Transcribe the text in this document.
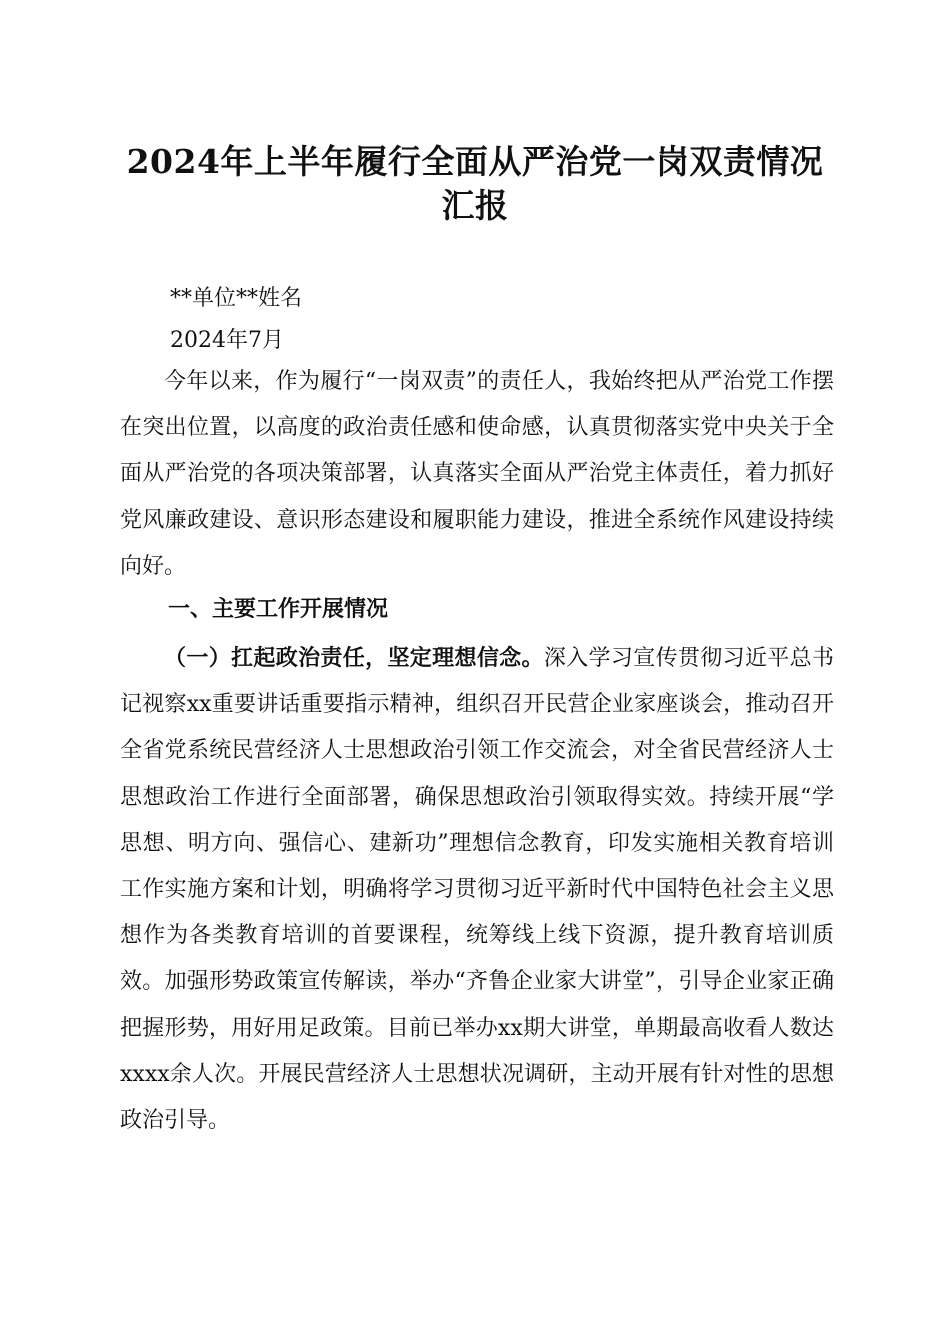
2024年上半年履行全面从严治党一岗双责情况汇报
**单位**姓名
2024年7月

今年以来，作为履行“一岗双责”的责任人，我始终把从严治党工作摆在突出位置，以高度的政治责任感和使命感，认真贯彻落实党中央关于全面从严治党的各项决策部署，认真落实全面从严治党主体责任，着力抓好党风廉政建设、意识形态建设和履职能力建设，推进全系统作风建设持续向好。

一、主要工作开展情况

（一）扛起政治责任，坚定理想信念。深入学习宣传贯彻习近平总书记视察xx重要讲话重要指示精神，组织召开民营企业家座谈会，推动召开全省党系统民营经济人士思想政治引领工作交流会，对全省民营经济人士思想政治工作进行全面部署，确保思想政治引领取得实效。持续开展“学思想、明方向、强信心、建新功”理想信念教育，印发实施相关教育培训工作实施方案和计划，明确将学习贯彻习近平新时代中国特色社会主义思想作为各类教育培训的首要课程，统筹线上线下资源，提升教育培训质效。加强形势政策宣传解读，举办“齐鲁企业家大讲堂”，引导企业家正确把握形势，用好用足政策。目前已举办xx期大讲堂，单期最高收看人数达xxxx余人次。开展民营经济人士思想状况调研，主动开展有针对性的思想政治引导。
